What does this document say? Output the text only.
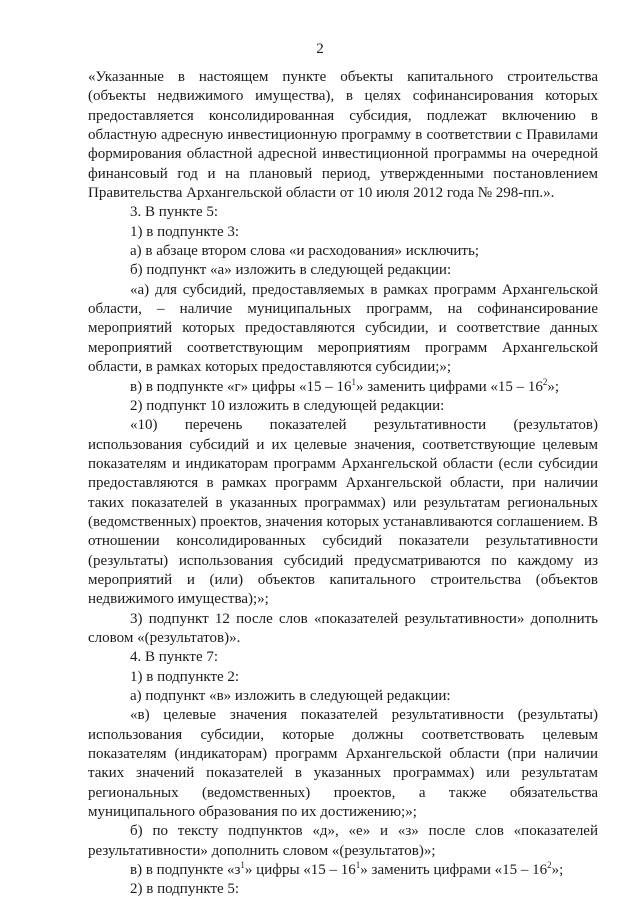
2

«Указанные в настоящем пункте объекты капитального строительства (объекты недвижимого имущества), в целях софинансирования которых предоставляется консолидированная субсидия, подлежат включению в областную адресную инвестиционную программу в соответствии с Правилами формирования областной адресной инвестиционной программы на очередной финансовый год и на плановый период, утвержденными постановлением Правительства Архангельской области от 10 июля 2012 года № 298-пп.».

3. В пункте 5:

1) в подпункте 3:

а) в абзаце втором слова «и расходования» исключить;

б) подпункт «а» изложить в следующей редакции:

«а) для субсидий, предоставляемых в рамках программ Архангельской области, – наличие муниципальных программ, на софинансирование мероприятий которых предоставляются субсидии, и соответствие данных мероприятий соответствующим мероприятиям программ Архангельской области, в рамках которых предоставляются субсидии;»;

в) в подпункте «г» цифры «$15 - 16^1$» заменить цифрами «$15 - 16^2$»;

2) подпункт 10 изложить в следующей редакции:

«10) перечень показателей результативности (результатов) использования субсидий и их целевые значения, соответствующие целевым показателям и индикаторам программ Архангельской области (если субсидии предоставляются в рамках программ Архангельской области, при наличии таких показателей в указанных программах) или результатам региональных (ведомственных) проектов, значения которых устанавливаются соглашением. В отношении консолидированных субсидий показатели результативности (результаты) использования субсидий предусматриваются по каждому из мероприятий и (или) объектов капитального строительства (объектов недвижимого имущества);»;

3) подпункт 12 после слов «показателей результативности» дополнить словом «(результатов)».

4. В пункте 7:

1) в подпункте 2:

а) подпункт «в» изложить в следующей редакции:

«в) целевые значения показателей результативности (результаты) использования субсидии, которые должны соответствовать целевым показателям (индикаторам) программ Архангельской области (при наличии таких значений показателей в указанных программах) или результатам региональных (ведомственных) проектов, а также обязательства муниципального образования по их достижению;»;

б) по тексту подпунктов «д», «е» и «з» после слов «показателей результативности» дополнить словом «(результатов)»;

в) в подпункте «$з^1$» цифры «$15 - 16^1$» заменить цифрами «$15 - 16^2$»;

2) в подпункте 5:
